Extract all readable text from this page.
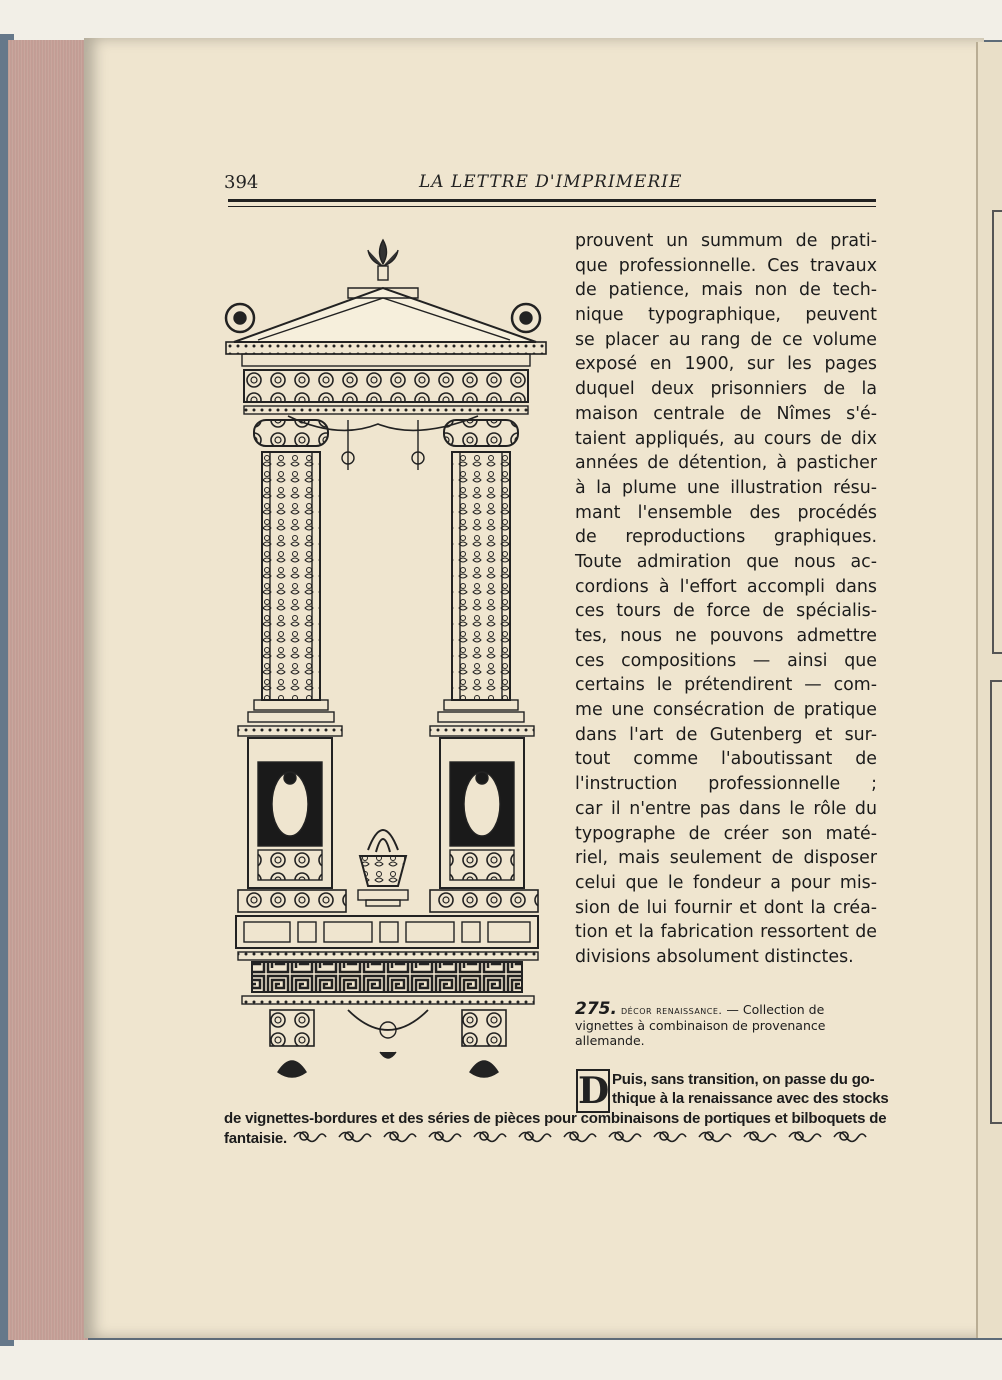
394	LA LETTRE D'IMPRIMERIE
prouvent un summum de prati-
que professionnelle. Ces travaux
de patience, mais non de tech-
nique typographique, peuvent
se placer au rang de ce volume
exposé en 1900, sur les pages
duquel deux prisonniers de la
maison centrale de Nîmes s'é-
taient appliqués, au cours de dix
années de détention, à pasticher
à la plume une illustration résu-
mant l'ensemble des procédés
de reproductions graphiques.
Toute admiration que nous ac-
cordions à l'effort accompli dans
ces tours de force de spécialis-
tes, nous ne pouvons admettre
ces compositions — ainsi que
certains le prétendirent — com-
me une consécration de pratique
dans l'art de Gutenberg et sur-
tout comme l'aboutissant de
l'instruction professionnelle ;
car il n'entre pas dans le rôle du
typographe de créer son maté-
riel, mais seulement de disposer
celui que le fondeur a pour mis-
sion de lui fournir et dont la créa-
tion et la fabrication ressortent de
divisions absolument distinctes.
275. décor renaissance. — Collection de vignettes à combinaison de provenance allemande.
D Puis, sans transition, on passe du go-
thique à la renaissance avec des stocks
de vignettes-bordures et des séries de pièces pour combinaisons de portiques et bilboquets de
fantaisie.
